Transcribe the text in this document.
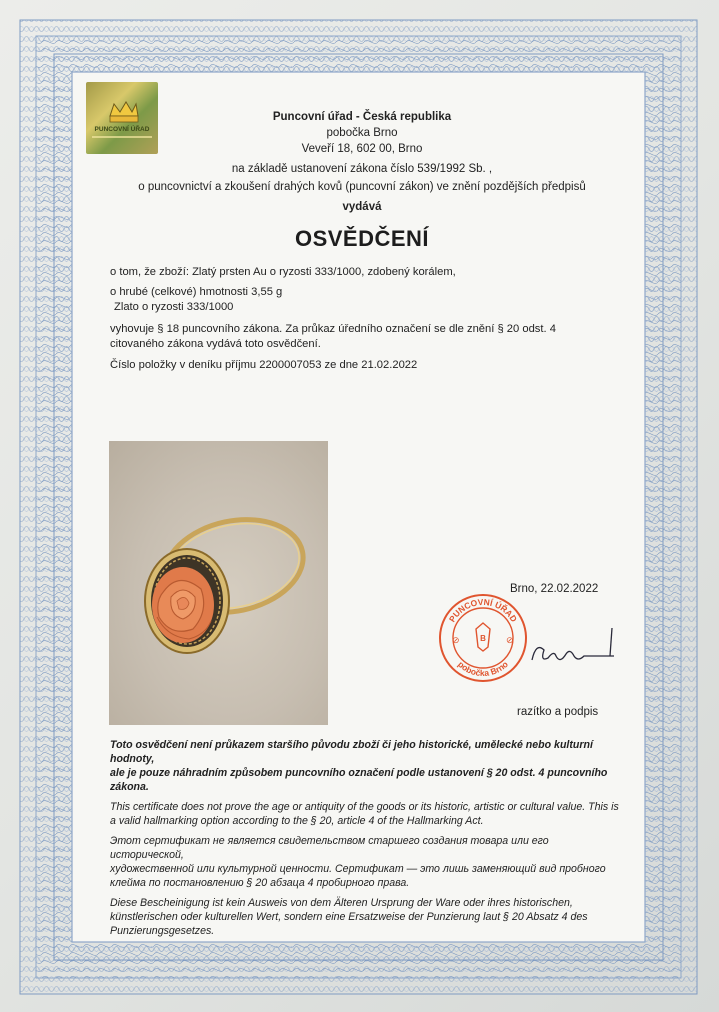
PUNCOVNÍ ÚŘAD
Puncovní úřad - Česká republika
pobočka Brno
Veveří 18, 602 00, Brno
na základě ustanovení zákona číslo 539/1992 Sb. ,
o puncovnictví a zkoušení drahých kovů (puncovní zákon) ve znění pozdějších předpisů
vydává
OSVĚDČENÍ
o tom, že zboží: Zlatý prsten Au o ryzosti 333/1000, zdobený korálem,
o hrubé (celkové) hmotnosti 3,55 g
Zlato o ryzosti 333/1000
vyhovuje § 18 puncovního zákona. Za průkaz úředního označení se dle znění § 20 odst. 4
citovaného zákona vydává toto osvědčení.
Číslo položky v deníku příjmu 2200007053 ze dne 21.02.2022
Brno, 22.02.2022
PUNCOVNÍ ÚŘAD
pobočka Brno
B
⊘	⊘
razítko a podpis
Toto osvědčení není průkazem staršího původu zboží či jeho historické, umělecké nebo kulturní hodnoty,
ale je pouze náhradním způsobem puncovního označení podle ustanovení § 20 odst. 4 puncovního zákona.
This certificate does not prove the age or antiquity of the goods or its historic, artistic or cultural value. This is
a valid hallmarking option according to the § 20, article 4 of the Hallmarking Act.
Этот сертификат не является свидетельством старшего создания товара или его исторической,
художественной или культурной ценности. Сертификат — это лишь заменяющий вид пробного
клейма по постановлению § 20 абзаца 4 пробирного права.
Diese Bescheinigung ist kein Ausweis von dem Älteren Ursprung der Ware oder ihres historischen,
künstlerischen oder kulturellen Wert, sondern eine Ersatzweise der Punzierung laut § 20 Absatz 4 des
Punzierungsgesetzes.
